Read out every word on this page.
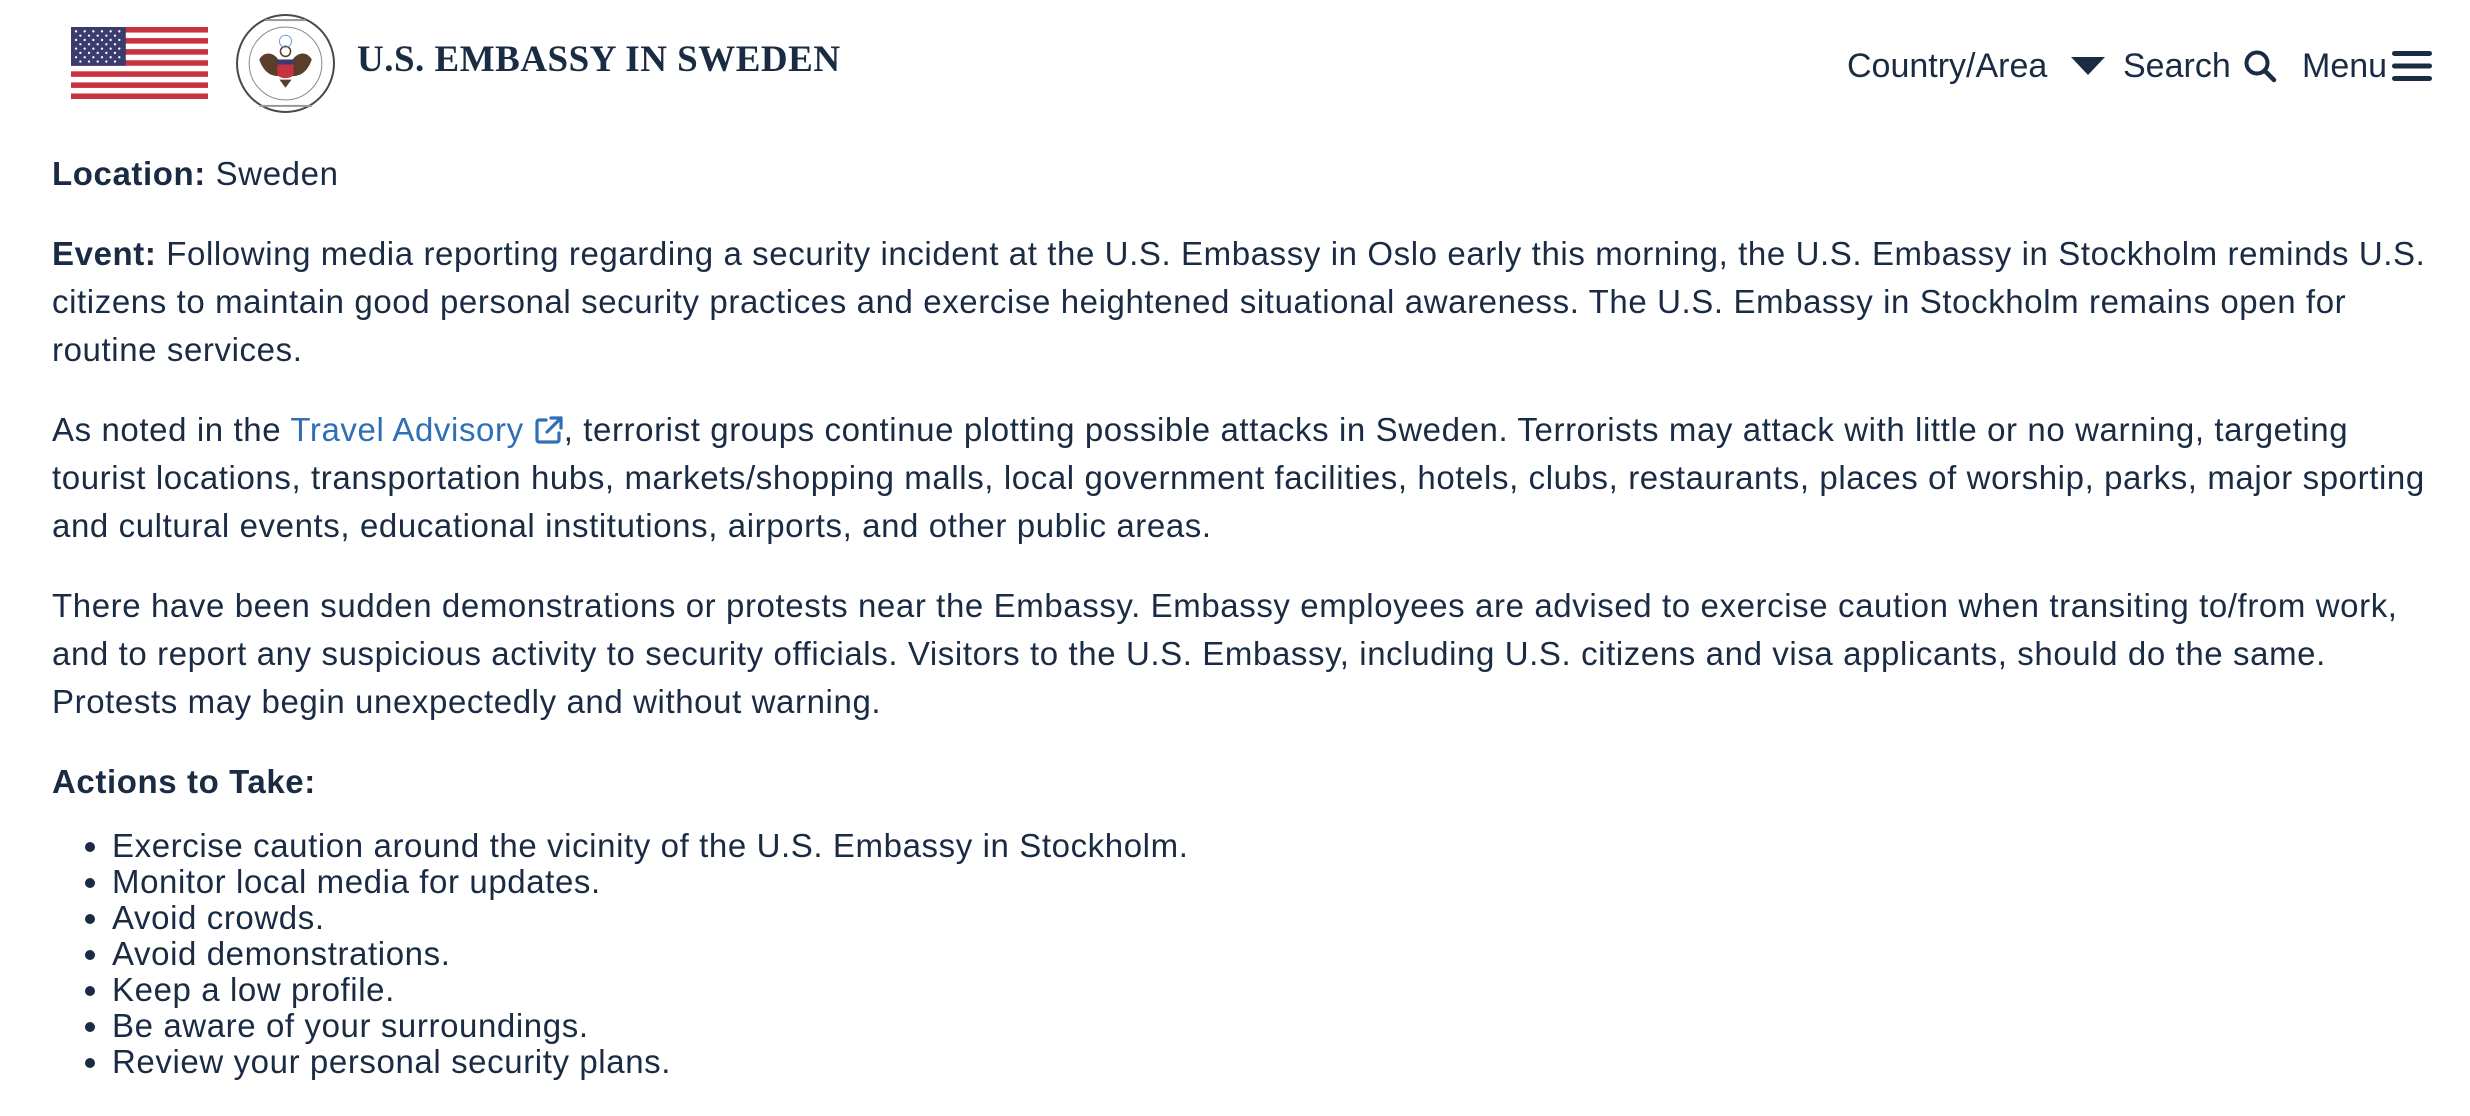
U.S. EMBASSY IN SWEDEN	Country/Area Search Menu

Location: Sweden

Event: Following media reporting regarding a security incident at the U.S. Embassy in Oslo early this morning, the U.S. Embassy in Stockholm reminds U.S. citizens to maintain good personal security practices and exercise heightened situational awareness. The U.S. Embassy in Stockholm remains open for routine services.

As noted in the Travel Advisory , terrorist groups continue plotting possible attacks in Sweden. Terrorists may attack with little or no warning, targeting tourist locations, transportation hubs, markets/shopping malls, local government facilities, hotels, clubs, restaurants, places of worship, parks, major sporting and cultural events, educational institutions, airports, and other public areas.

There have been sudden demonstrations or protests near the Embassy. Embassy employees are advised to exercise caution when transiting to/from work, and to report any suspicious activity to security officials. Visitors to the U.S. Embassy, including U.S. citizens and visa applicants, should do the same. Protests may begin unexpectedly and without warning.

Actions to Take:

• Exercise caution around the vicinity of the U.S. Embassy in Stockholm.
• Monitor local media for updates.
• Avoid crowds.
• Avoid demonstrations.
• Keep a low profile.
• Be aware of your surroundings.
• Review your personal security plans.
